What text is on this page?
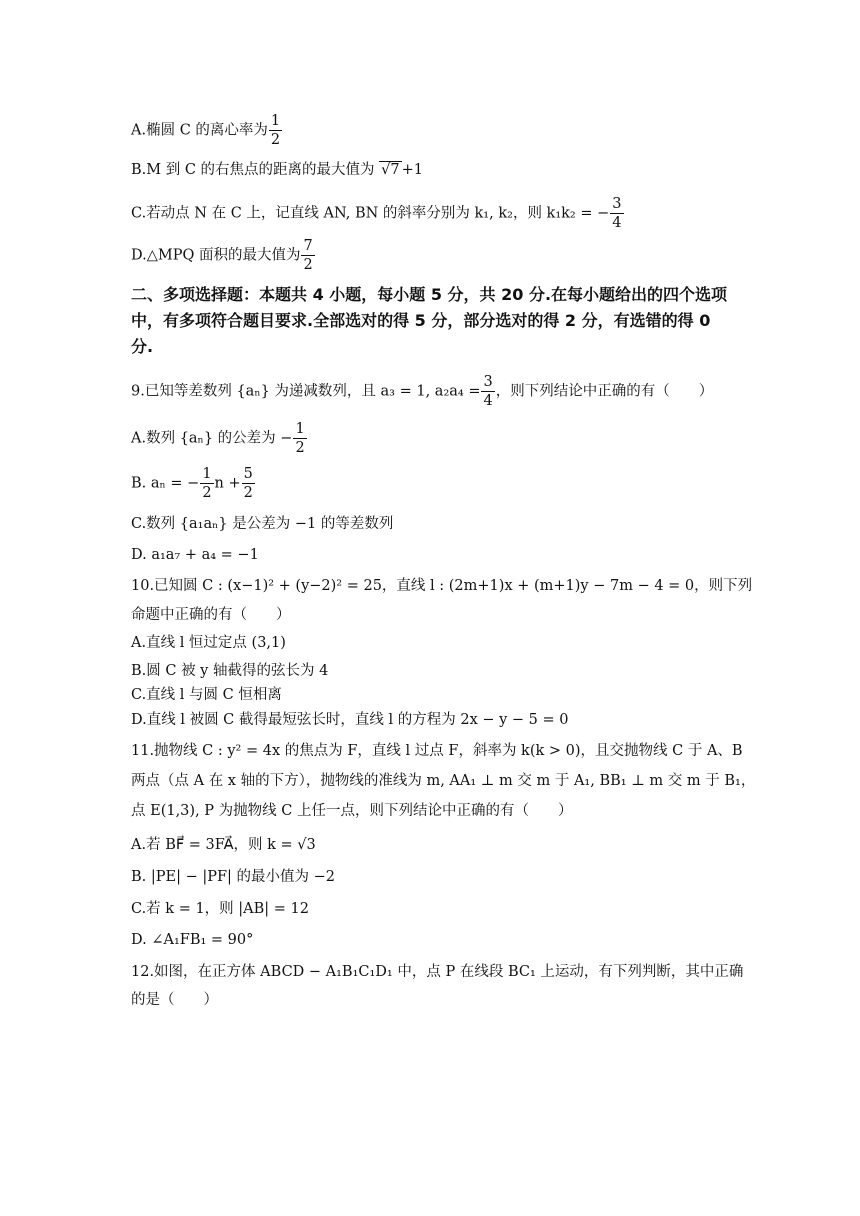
A.椭圆 C 的离心率为 $\frac{1}{2}$
B.M 到 C 的右焦点的距离的最大值为 √7 +1
C.若动点 N 在 C 上，记直线 AN, BN 的斜率分别为 k₁, k₂，则 k₁k₂ = − $\frac{3}{4}$
D.△MPQ 面积的最大值为 $\frac{7}{2}$
二、多项选择题：本题共 4 小题，每小题 5 分，共 20 分.在每小题给出的四个选项中，有多项符合题目要求.全部选对的得 5 分，部分选对的得 2 分，有选错的得 0 分.
9.已知等差数列 {aₙ} 为递减数列，且 a₃ = 1, $a_2a_4 = \frac{3}{4}$ ，则下列结论中正确的有（　　）
A.数列 {aₙ} 的公差为 − $\frac{1}{2}$
B. aₙ = − $\frac{1}{2}$ $n + \frac{5}{2}$
C.数列 {a₁aₙ} 是公差为 −1 的等差数列
D. a₁a₇ + a₄ = −1
10.已知圆 C : (x−1)² + (y−2)² = 25，直线 l : (2m+1)x + (m+1)y − 7m − 4 = 0，则下列
命题中正确的有（　　）
A.直线 l 恒过定点 (3,1)
B.圆 C 被 y 轴截得的弦长为 4
C.直线 l 与圆 C 恒相离
D.直线 l 被圆 C 截得最短弦长时，直线 l 的方程为 2x − y − 5 = 0
11.抛物线 C : y² = 4x 的焦点为 F，直线 l 过点 F，斜率为 k(k > 0)，且交抛物线 C 于 A、B
两点（点 A 在 x 轴的下方），抛物线的准线为 m, AA₁ ⊥ m 交 m 于 A₁, BB₁ ⊥ m 交 m 于 B₁，
点 E(1,3), P 为抛物线 C 上任一点，则下列结论中正确的有（　　）
A.若 BF⃗ = 3FA⃗，则 k = √3
B. |PE| − |PF| 的最小值为 −2
C.若 k = 1，则 |AB| = 12
D. ∠A₁FB₁ = 90°
12.如图，在正方体 ABCD − A₁B₁C₁D₁ 中，点 P 在线段 BC₁ 上运动，有下列判断，其中正确
的是（　　）
